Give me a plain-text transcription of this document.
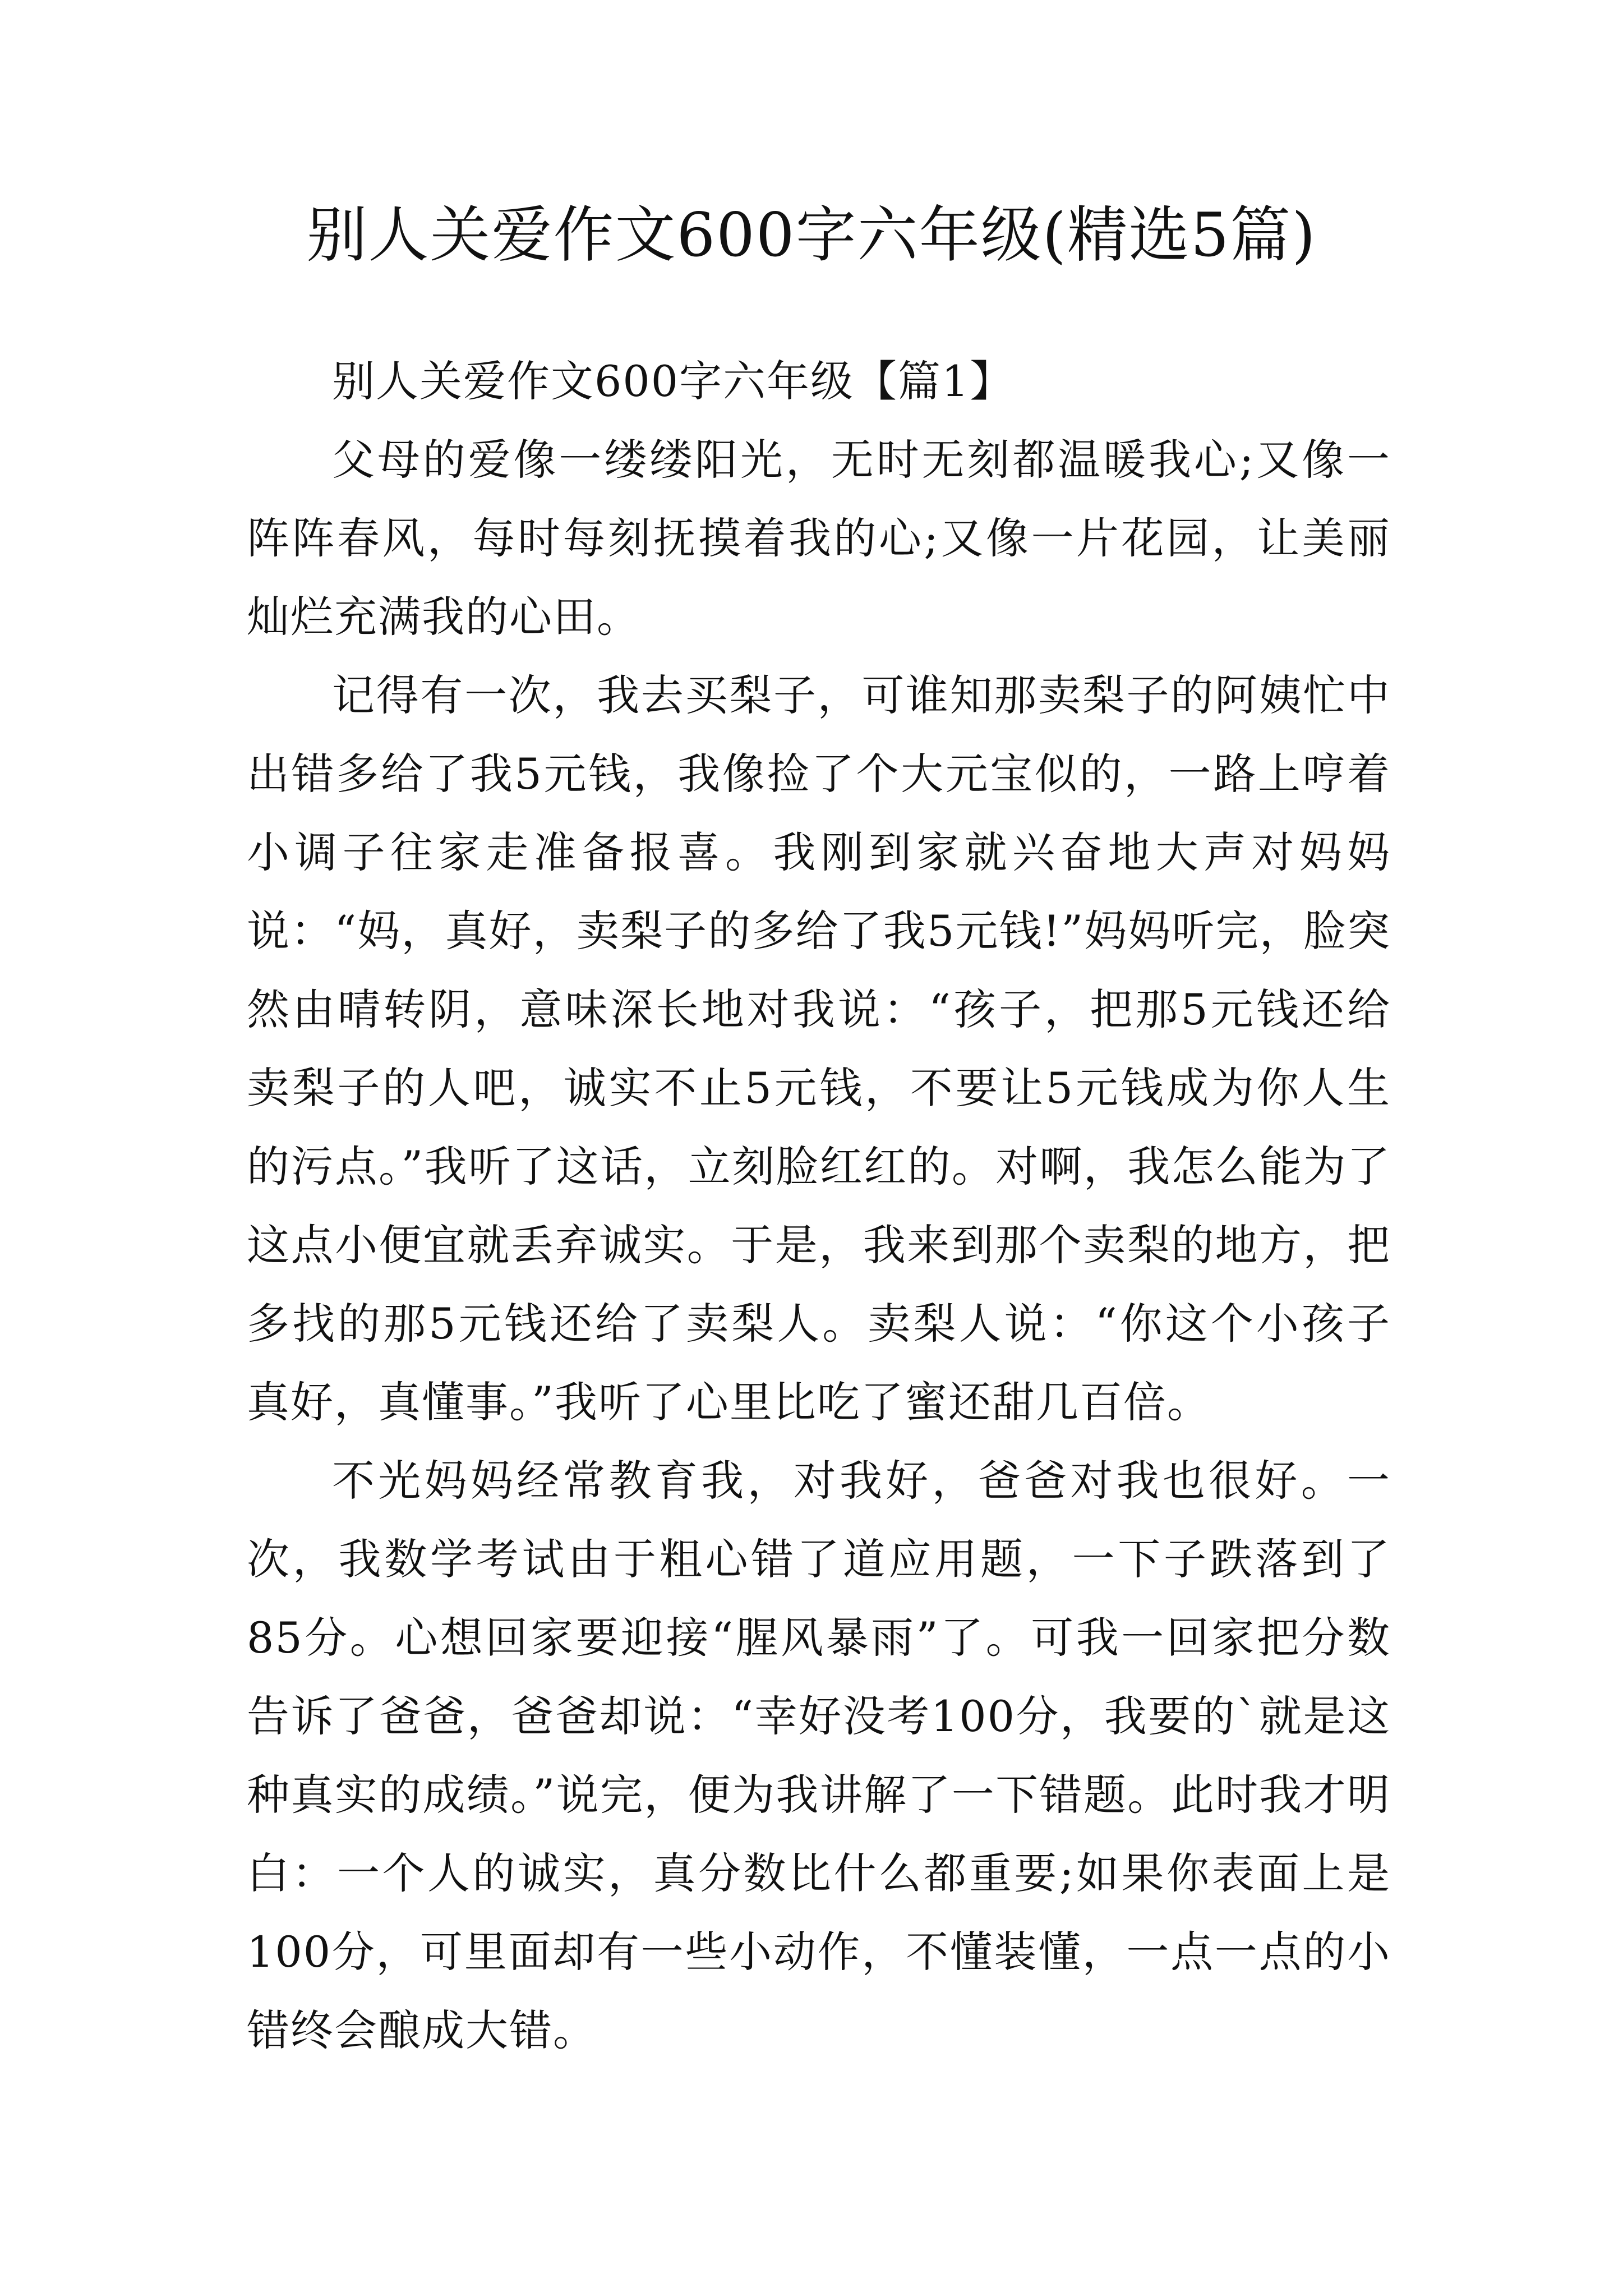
别人关爱作文600字六年级(精选5篇)

别人关爱作文600字六年级【篇1】

父母的爱像一缕缕阳光，无时无刻都温暖我心;又像一阵阵春风，每时每刻抚摸着我的心;又像一片花园，让美丽灿烂充满我的心田。

记得有一次，我去买梨子，可谁知那卖梨子的阿姨忙中出错多给了我5元钱，我像捡了个大元宝似的，一路上哼着小调子往家走准备报喜。我刚到家就兴奋地大声对妈妈说：“妈，真好，卖梨子的多给了我5元钱!”妈妈听完，脸突然由晴转阴，意味深长地对我说：“孩子，把那5元钱还给卖梨子的人吧，诚实不止5元钱，不要让5元钱成为你人生的污点。”我听了这话，立刻脸红红的。对啊，我怎么能为了这点小便宜就丢弃诚实。于是，我来到那个卖梨的地方，把多找的那5元钱还给了卖梨人。卖梨人说：“你这个小孩子真好，真懂事。”我听了心里比吃了蜜还甜几百倍。

不光妈妈经常教育我，对我好，爸爸对我也很好。一次，我数学考试由于粗心错了道应用题，一下子跌落到了85分。心想回家要迎接“腥风暴雨”了。可我一回家把分数告诉了爸爸，爸爸却说：“幸好没考100分，我要的`就是这种真实的成绩。”说完，便为我讲解了一下错题。此时我才明白：一个人的诚实，真分数比什么都重要;如果你表面上是100分，可里面却有一些小动作，不懂装懂，一点一点的小错终会酿成大错。
